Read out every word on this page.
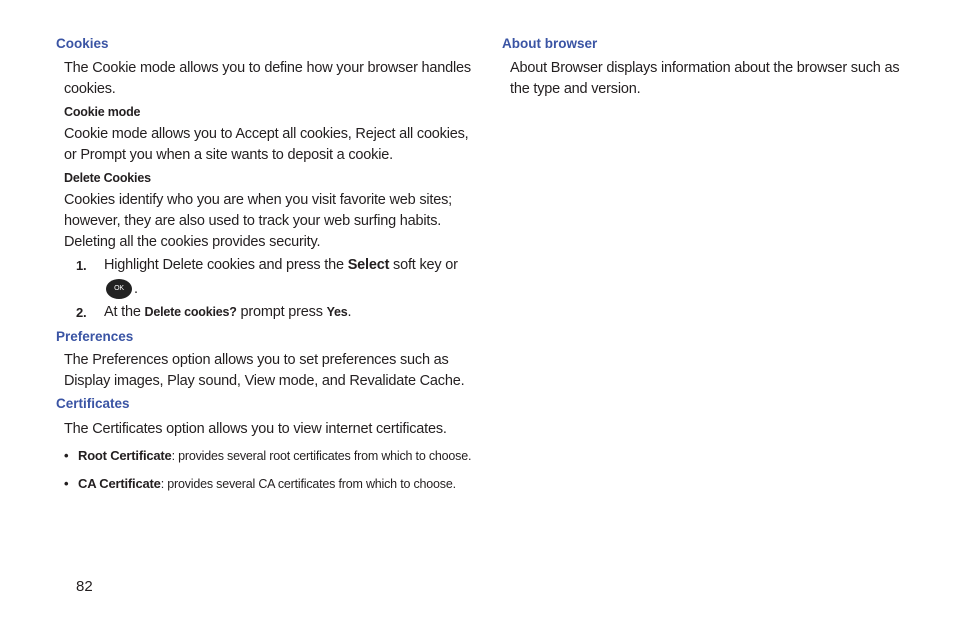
Cookies

The Cookie mode allows you to define how your browser handles cookies.

Cookie mode

Cookie mode allows you to Accept all cookies, Reject all cookies, or Prompt you when a site wants to deposit a cookie.

Delete Cookies

Cookies identify who you are when you visit favorite web sites; however, they are also used to track your web surfing habits. Deleting all the cookies provides security.

1. Highlight Delete cookies and press the Select soft key or
OK .
2. At the Delete cookies? prompt press Yes.
Preferences

The Preferences option allows you to set preferences such as Display images, Play sound, View mode, and Revalidate Cache.

Certificates

The Certificates option allows you to view internet certificates.

• Root Certificate: provides several root certificates from which to choose.
• CA Certificate: provides several CA certificates from which to choose.
About browser

About Browser displays information about the browser such as the type and version.

82
